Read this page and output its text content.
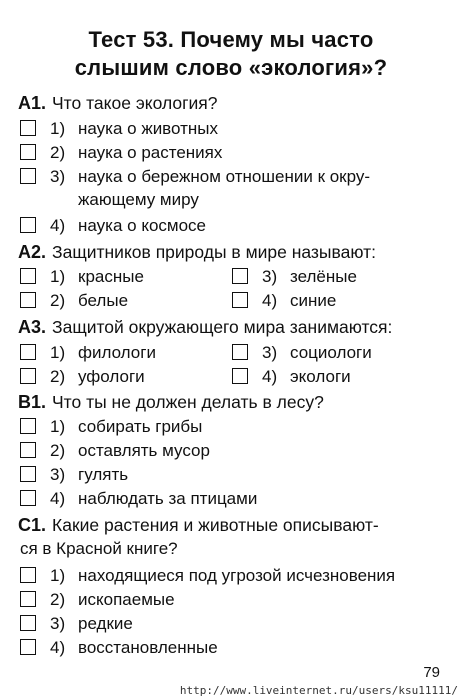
Тест 53. Почему мы часто
слышим слово «экология»?
А1. Что такое экология?
1) наука о животных
2) наука о растениях
3) наука о бережном отношении к окру-
жающему миру
4) наука о космосе
А2. Защитников природы в мире называют:
1) красные
2) белые
3) зелёные
4) синие
А3. Защитой окружающего мира занимаются:
1) филологи
2) уфологи
3) социологи
4) экологи
В1. Что ты не должен делать в лесу?
1) собирать грибы
2) оставлять мусор
3) гулять
4) наблюдать за птицами
С1. Какие растения и животные описывают-
ся в Красной книге?
1) находящиеся под угрозой исчезновения
2) ископаемые
3) редкие
4) восстановленные
79
http://www.liveinternet.ru/users/ksu11111/
